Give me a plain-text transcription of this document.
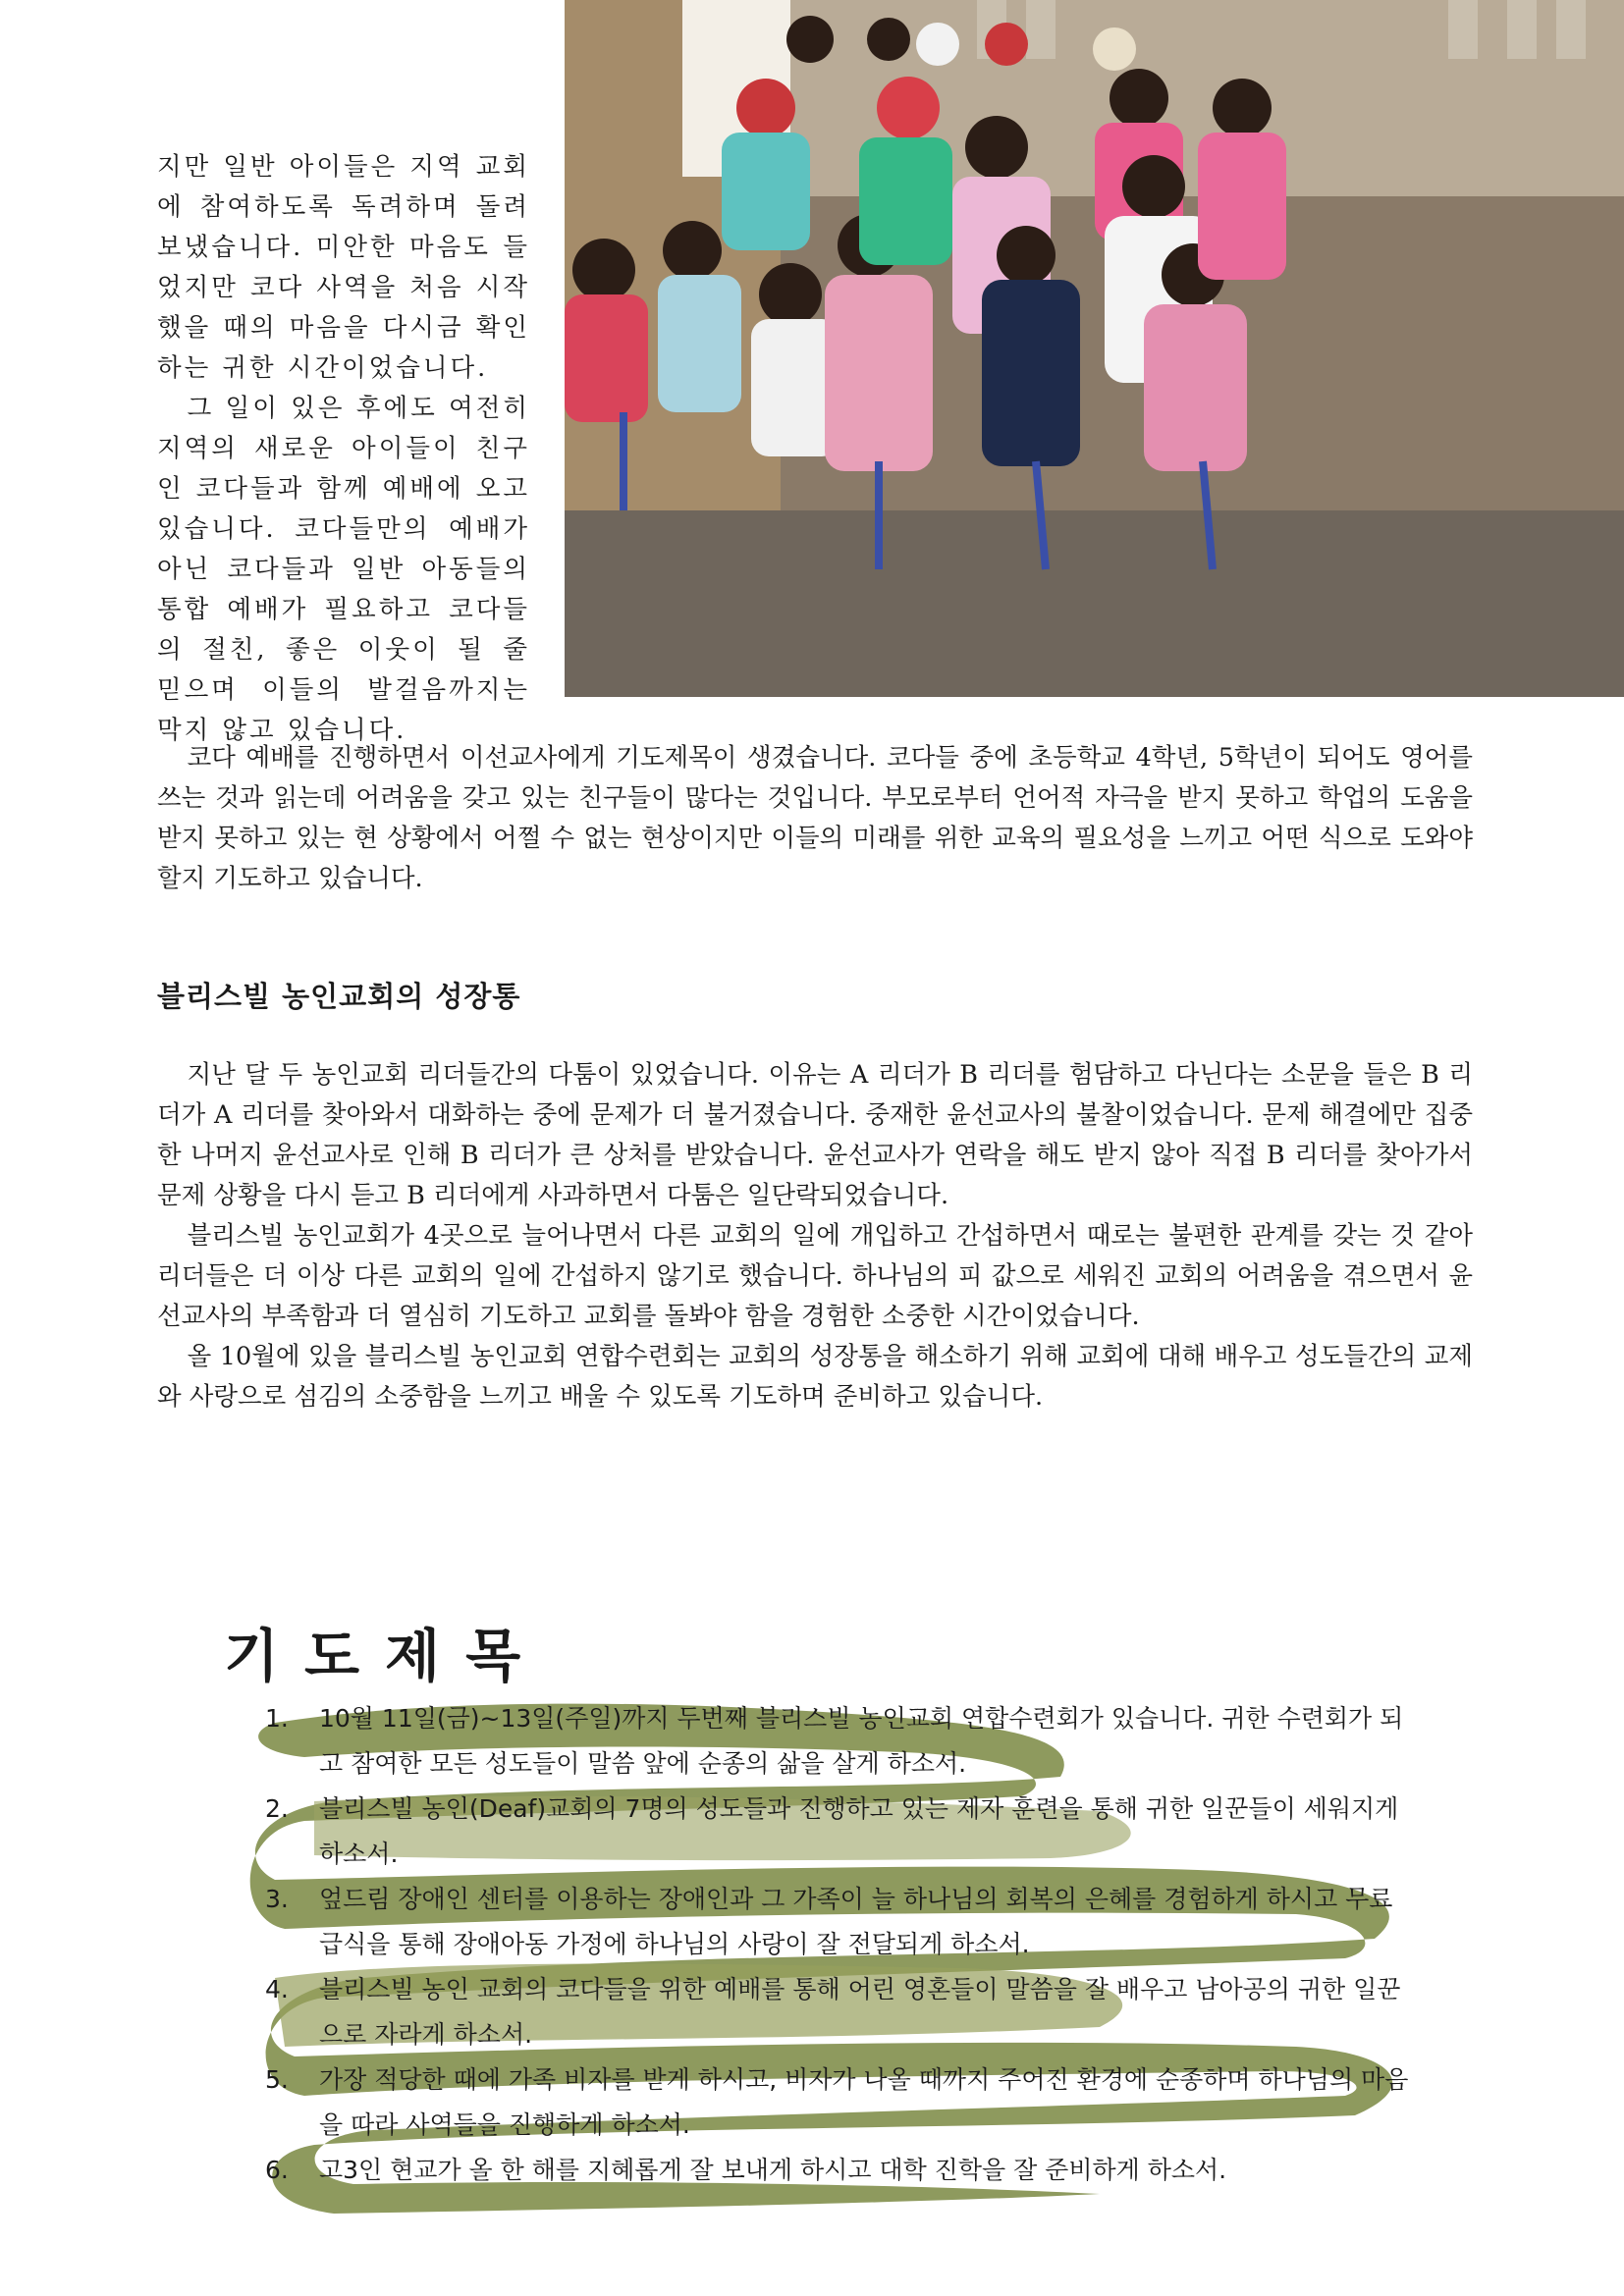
지만 일반 아이들은 지역 교회에 참여하도록 독려하며 돌려보냈습니다. 미안한 마음도 들었지만 코다 사역을 처음 시작했을 때의 마음을 다시금 확인하는 귀한 시간이었습니다.

그 일이 있은 후에도 여전히 지역의 새로운 아이들이 친구인 코다들과 함께 예배에 오고 있습니다. 코다들만의 예배가 아닌 코다들과 일반 아동들의 통합 예배가 필요하고 코다들의 절친, 좋은 이웃이 될 줄 믿으며 이들의 발걸음까지는 막지 않고 있습니다.

코다 예배를 진행하면서 이선교사에게 기도제목이 생겼습니다. 코다들 중에 초등학교 4학년, 5학년이 되어도 영어를 쓰는 것과 읽는데 어려움을 갖고 있는 친구들이 많다는 것입니다. 부모로부터 언어적 자극을 받지 못하고 학업의 도움을 받지 못하고 있는 현 상황에서 어쩔 수 없는 현상이지만 이들의 미래를 위한 교육의 필요성을 느끼고 어떤 식으로 도와야 할지 기도하고 있습니다.

블리스빌 농인교회의 성장통

지난 달 두 농인교회 리더들간의 다툼이 있었습니다. 이유는 A 리더가 B 리더를 험담하고 다닌다는 소문을 들은 B 리더가 A 리더를 찾아와서 대화하는 중에 문제가 더 불거졌습니다. 중재한 윤선교사의 불찰이었습니다. 문제 해결에만 집중한 나머지 윤선교사로 인해 B 리더가 큰 상처를 받았습니다. 윤선교사가 연락을 해도 받지 않아 직접 B 리더를 찾아가서 문제 상황을 다시 듣고 B 리더에게 사과하면서 다툼은 일단락되었습니다.

블리스빌 농인교회가 4곳으로 늘어나면서 다른 교회의 일에 개입하고 간섭하면서 때로는 불편한 관계를 갖는 것 같아 리더들은 더 이상 다른 교회의 일에 간섭하지 않기로 했습니다. 하나님의 피 값으로 세워진 교회의 어려움을 겪으면서 윤선교사의 부족함과 더 열심히 기도하고 교회를 돌봐야 함을 경험한 소중한 시간이었습니다.

올 10월에 있을 블리스빌 농인교회 연합수련회는 교회의 성장통을 해소하기 위해 교회에 대해 배우고 성도들간의 교제와 사랑으로 섬김의 소중함을 느끼고 배울 수 있도록 기도하며 준비하고 있습니다.

기도제목
1. 10월 11일(금)~13일(주일)까지 두번째 블리스빌 농인교회 연합수련회가 있습니다. 귀한 수련회가 되고 참여한 모든 성도들이 말씀 앞에 순종의 삶을 살게 하소서.
2. 블리스빌 농인(Deaf)교회의 7명의 성도들과 진행하고 있는 제자 훈련을 통해 귀한 일꾼들이 세워지게 하소서.
3. 엎드림 장애인 센터를 이용하는 장애인과 그 가족이 늘 하나님의 회복의 은혜를 경험하게 하시고 무료 급식을 통해 장애아동 가정에 하나님의 사랑이 잘 전달되게 하소서.
4. 블리스빌 농인 교회의 코다들을 위한 예배를 통해 어린 영혼들이 말씀을 잘 배우고 남아공의 귀한 일꾼으로 자라게 하소서.
5. 가장 적당한 때에 가족 비자를 받게 하시고, 비자가 나올 때까지 주어진 환경에 순종하며 하나님의 마음을 따라 사역들을 진행하게 하소서.
6. 고3인 현교가 올 한 해를 지혜롭게 잘 보내게 하시고 대학 진학을 잘 준비하게 하소서.
